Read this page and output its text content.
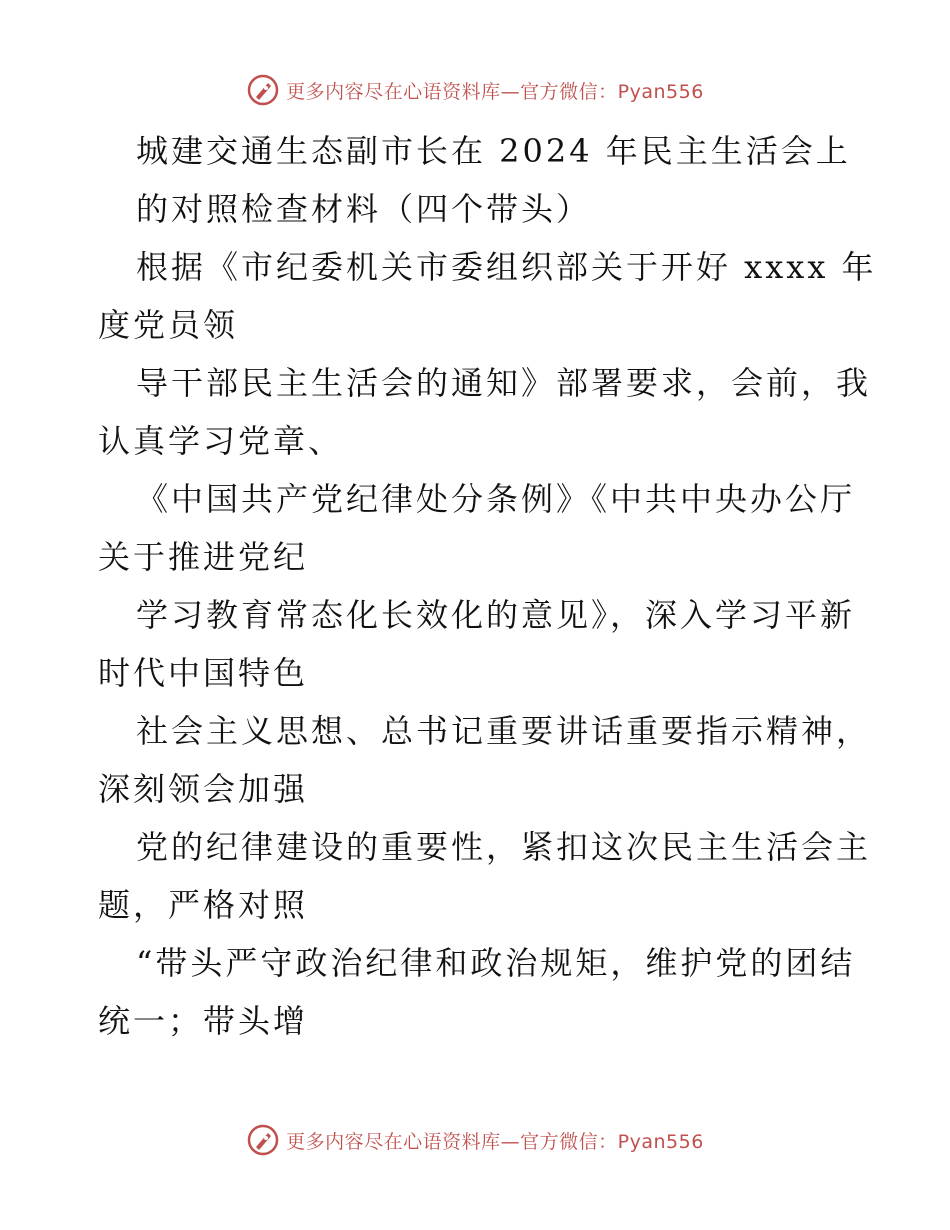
更多内容尽在心语资料库—官方微信：Pyan556
城建交通生态副市长在 2024 年民主生活会上
的对照检查材料（四个带头）
根据《市纪委机关市委组织部关于开好 xxxx 年
度党员领
导干部民主生活会的通知》部署要求，会前，我
认真学习党章、
《中国共产党纪律处分条例》《中共中央办公厅
关于推进党纪
学习教育常态化长效化的意见》，深入学习平新
时代中国特色
社会主义思想、总书记重要讲话重要指示精神，
深刻领会加强
党的纪律建设的重要性，紧扣这次民主生活会主
题，严格对照
“带头严守政治纪律和政治规矩，维护党的团结
统一；带头增
更多内容尽在心语资料库—官方微信：Pyan556
